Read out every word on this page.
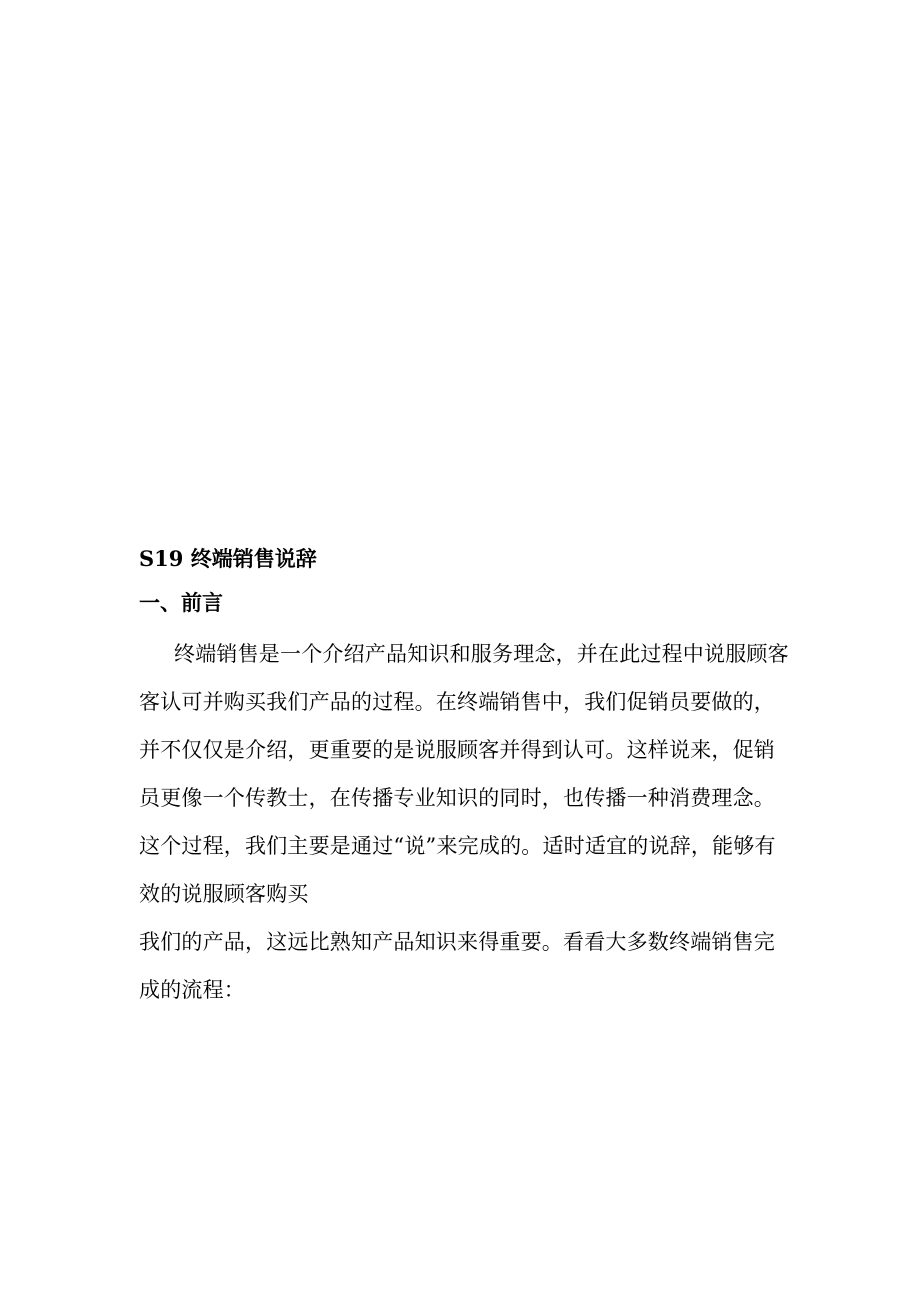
S19 终端销售说辞
一、前言

终端销售是一个介绍产品知识和服务理念，并在此过程中说服顾客

客认可并购买我们产品的过程。在终端销售中，我们促销员要做的，

并不仅仅是介绍，更重要的是说服顾客并得到认可。这样说来，促销

员更像一个传教士，在传播专业知识的同时，也传播一种消费理念。

这个过程，我们主要是通过“说”来完成的。适时适宜的说辞，能够有

效的说服顾客购买

我们的产品，这远比熟知产品知识来得重要。看看大多数终端销售完

成的流程：
